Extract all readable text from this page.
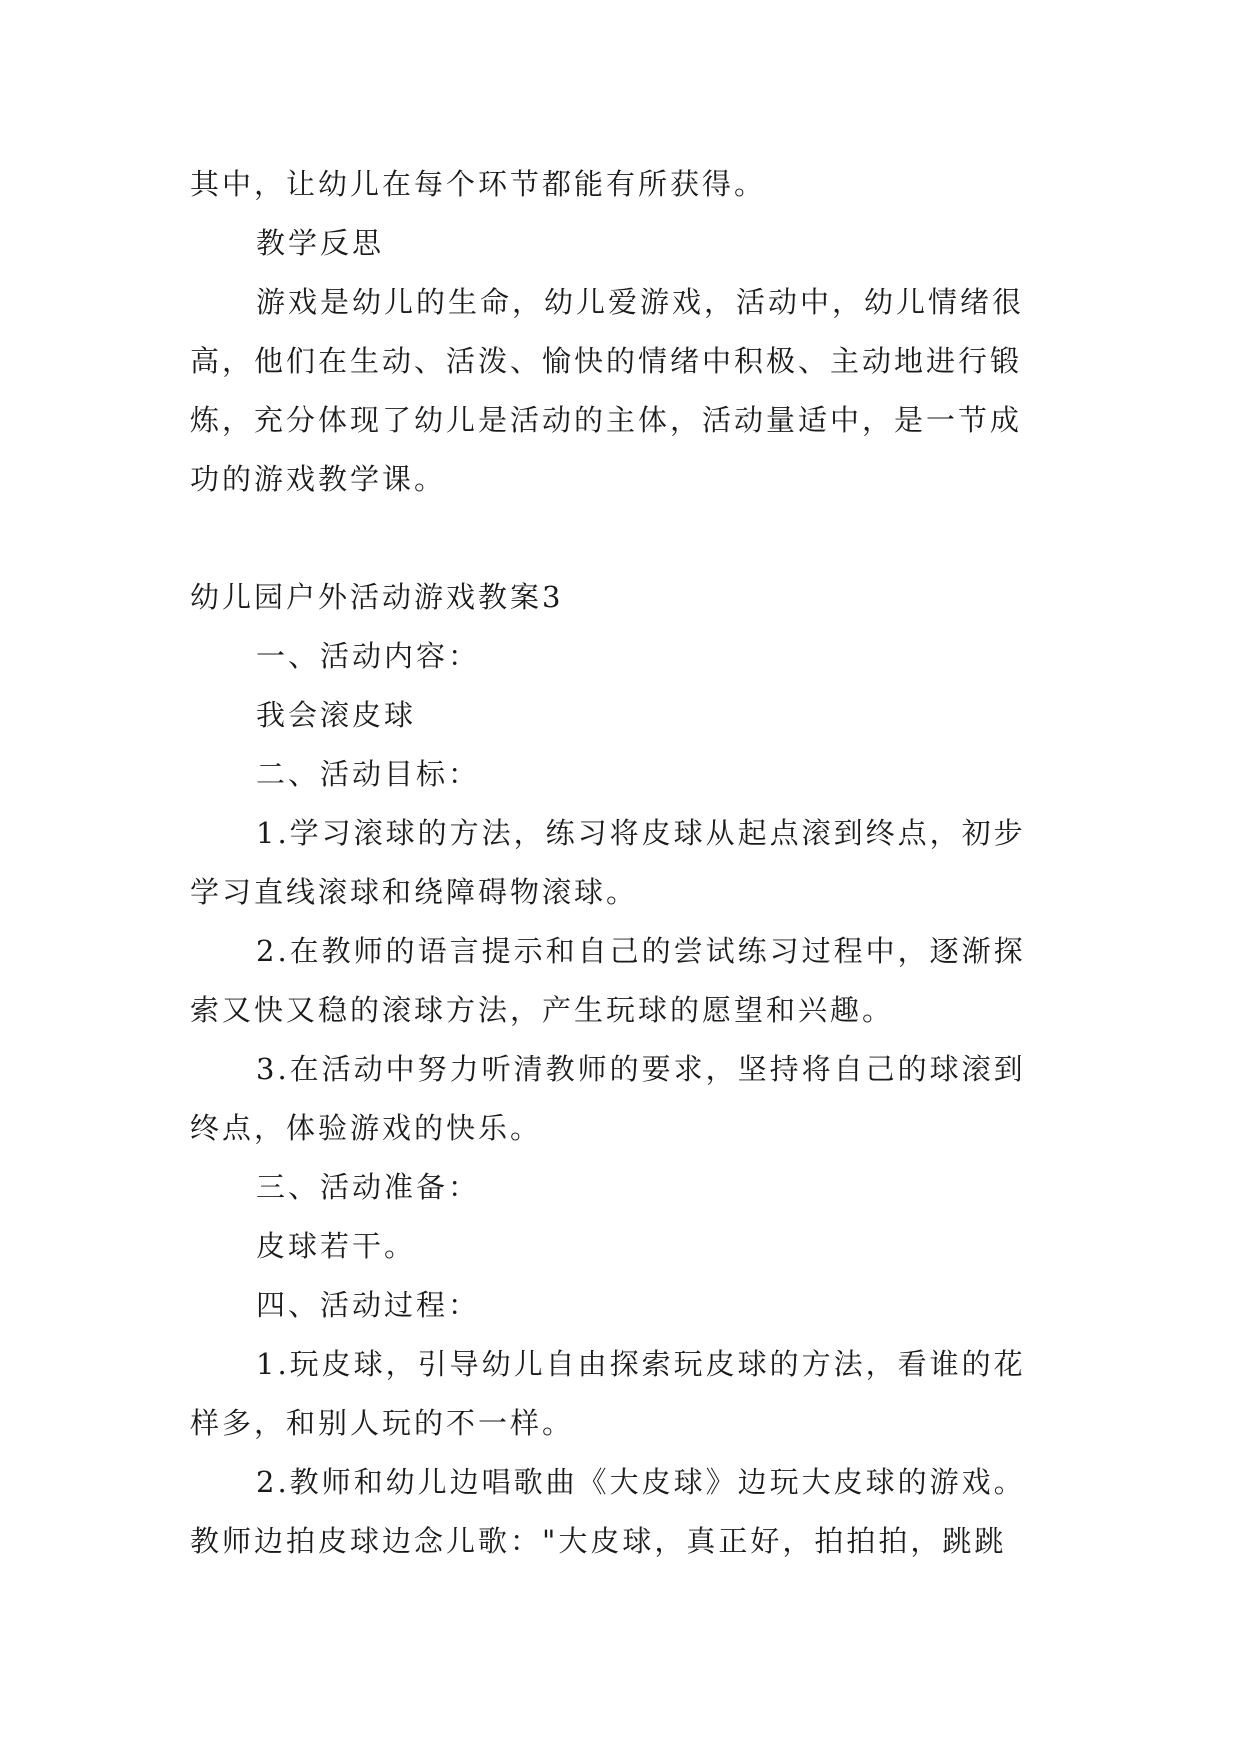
其中，让幼儿在每个环节都能有所获得。
教学反思
游戏是幼儿的生命，幼儿爱游戏，活动中，幼儿情绪很
高，他们在生动、活泼、愉快的情绪中积极、主动地进行锻
炼，充分体现了幼儿是活动的主体，活动量适中，是一节成
功的游戏教学课。
幼儿园户外活动游戏教案3
一、活动内容：
我会滚皮球
二、活动目标：
1.学习滚球的方法，练习将皮球从起点滚到终点，初步
学习直线滚球和绕障碍物滚球。
2.在教师的语言提示和自己的尝试练习过程中，逐渐探
索又快又稳的滚球方法，产生玩球的愿望和兴趣。
3.在活动中努力听清教师的要求，坚持将自己的球滚到
终点，体验游戏的快乐。
三、活动准备：
皮球若干。
四、活动过程：
1.玩皮球，引导幼儿自由探索玩皮球的方法，看谁的花
样多，和别人玩的不一样。
2.教师和幼儿边唱歌曲《大皮球》边玩大皮球的游戏。
教师边拍皮球边念儿歌："大皮球，真正好，拍拍拍，跳跳
